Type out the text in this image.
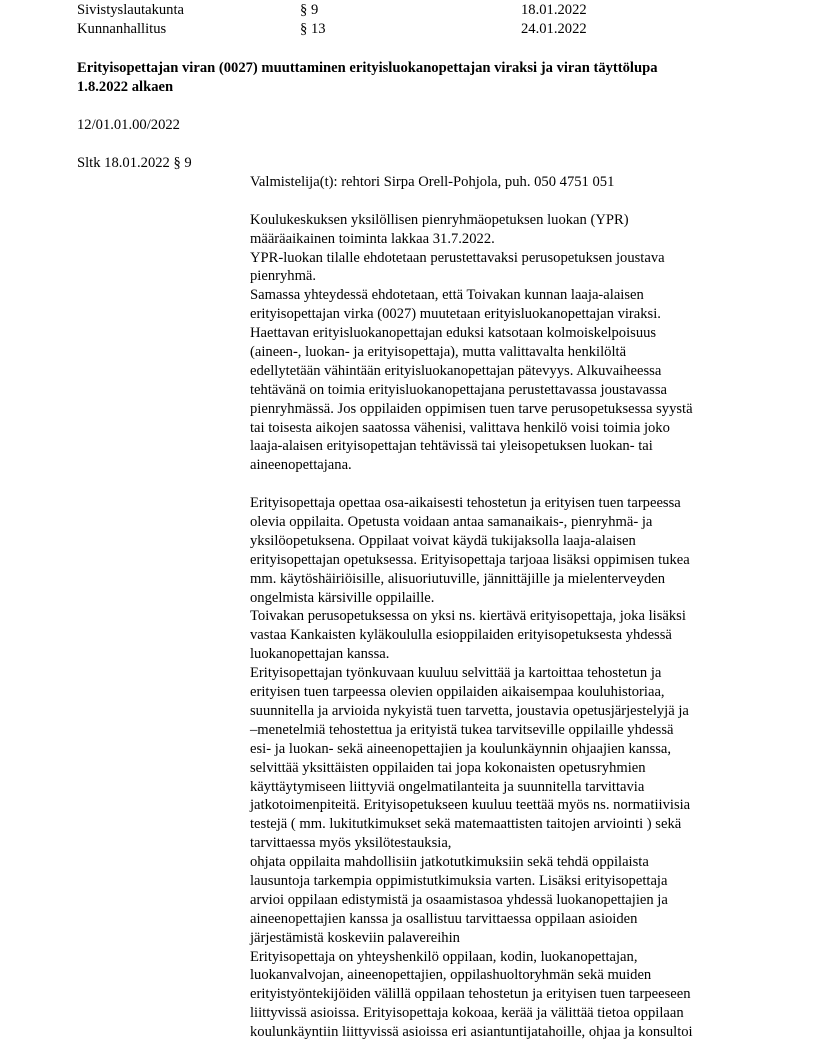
Sivistyslautakunta	§ 9	18.01.2022
Kunnanhallitus	§ 13	24.01.2022
Erityisopettajan viran (0027) muuttaminen erityisluokanopettajan viraksi ja viran täyttölupa
1.8.2022 alkaen
12/01.01.00/2022
Sltk 18.01.2022 § 9
Valmistelija(t): rehtori Sirpa Orell-Pohjola, puh. 050 4751 051
Koulukeskuksen yksilöllisen pienryhmäopetuksen luokan (YPR)
määräaikainen toiminta lakkaa 31.7.2022.
YPR-luokan tilalle ehdotetaan perustettavaksi perusopetuksen joustava
pienryhmä.
Samassa yhteydessä ehdotetaan, että Toivakan kunnan laaja-alaisen
erityisopettajan virka (0027) muutetaan erityisluokanopettajan viraksi.
Haettavan erityisluokanopettajan eduksi katsotaan kolmoiskelpoisuus
(aineen-, luokan- ja erityisopettaja), mutta valittavalta henkilöltä
edellytetään vähintään erityisluokanopettajan pätevyys. Alkuvaiheessa
tehtävänä on toimia erityisluokanopettajana perustettavassa joustavassa
pienryhmässä. Jos oppilaiden oppimisen tuen tarve perusopetuksessa syystä
tai toisesta aikojen saatossa vähenisi, valittava henkilö voisi toimia joko
laaja-alaisen erityisopettajan tehtävissä tai yleisopetuksen luokan- tai
aineenopettajana.
Erityisopettaja opettaa osa-aikaisesti tehostetun ja erityisen tuen tarpeessa
olevia oppilaita. Opetusta voidaan antaa samanaikais-, pienryhmä- ja
yksilöopetuksena. Oppilaat voivat käydä tukijaksolla laaja-alaisen
erityisopettajan opetuksessa. Erityisopettaja tarjoaa lisäksi oppimisen tukea
mm. käytöshäiriöisille, alisuoriutuville, jännittäjille ja mielenterveyden
ongelmista kärsiville oppilaille.
Toivakan perusopetuksessa on yksi ns. kiertävä erityisopettaja, joka lisäksi
vastaa Kankaisten kyläkoululla esioppilaiden erityisopetuksesta yhdessä
luokanopettajan kanssa.
Erityisopettajan työnkuvaan kuuluu selvittää ja kartoittaa tehostetun ja
erityisen tuen tarpeessa olevien oppilaiden aikaisempaa kouluhistoriaa,
suunnitella ja arvioida nykyistä tuen tarvetta, joustavia opetusjärjestelyjä ja
–menetelmiä tehostettua ja erityistä tukea tarvitseville oppilaille yhdessä
esi- ja luokan- sekä aineenopettajien ja koulunkäynnin ohjaajien kanssa,
selvittää yksittäisten oppilaiden tai jopa kokonaisten opetusryhmien
käyttäytymiseen liittyviä ongelmatilanteita ja suunnitella tarvittavia
jatkotoimenpiteitä. Erityisopetukseen kuuluu teettää myös ns. normatiivisia
testejä ( mm. lukitutkimukset sekä matemaattisten taitojen arviointi ) sekä
tarvittaessa myös yksilötestauksia,
ohjata oppilaita mahdollisiin jatkotutkimuksiin sekä tehdä oppilaista
lausuntoja tarkempia oppimistutkimuksia varten. Lisäksi erityisopettaja
arvioi oppilaan edistymistä ja osaamistasoa yhdessä luokanopettajien ja
aineenopettajien kanssa ja osallistuu tarvittaessa oppilaan asioiden
järjestämistä koskeviin palavereihin
Erityisopettaja on yhteyshenkilö oppilaan, kodin, luokanopettajan,
luokanvalvojan, aineenopettajien, oppilashuoltoryhmän sekä muiden
erityistyöntekijöiden välillä oppilaan tehostetun ja erityisen tuen tarpeeseen
liittyvissä asioissa. Erityisopettaja kokoaa, kerää ja välittää tietoa oppilaan
koulunkäyntiin liittyvissä asioissa eri asiantuntijatahoille, ohjaa ja konsultoi
